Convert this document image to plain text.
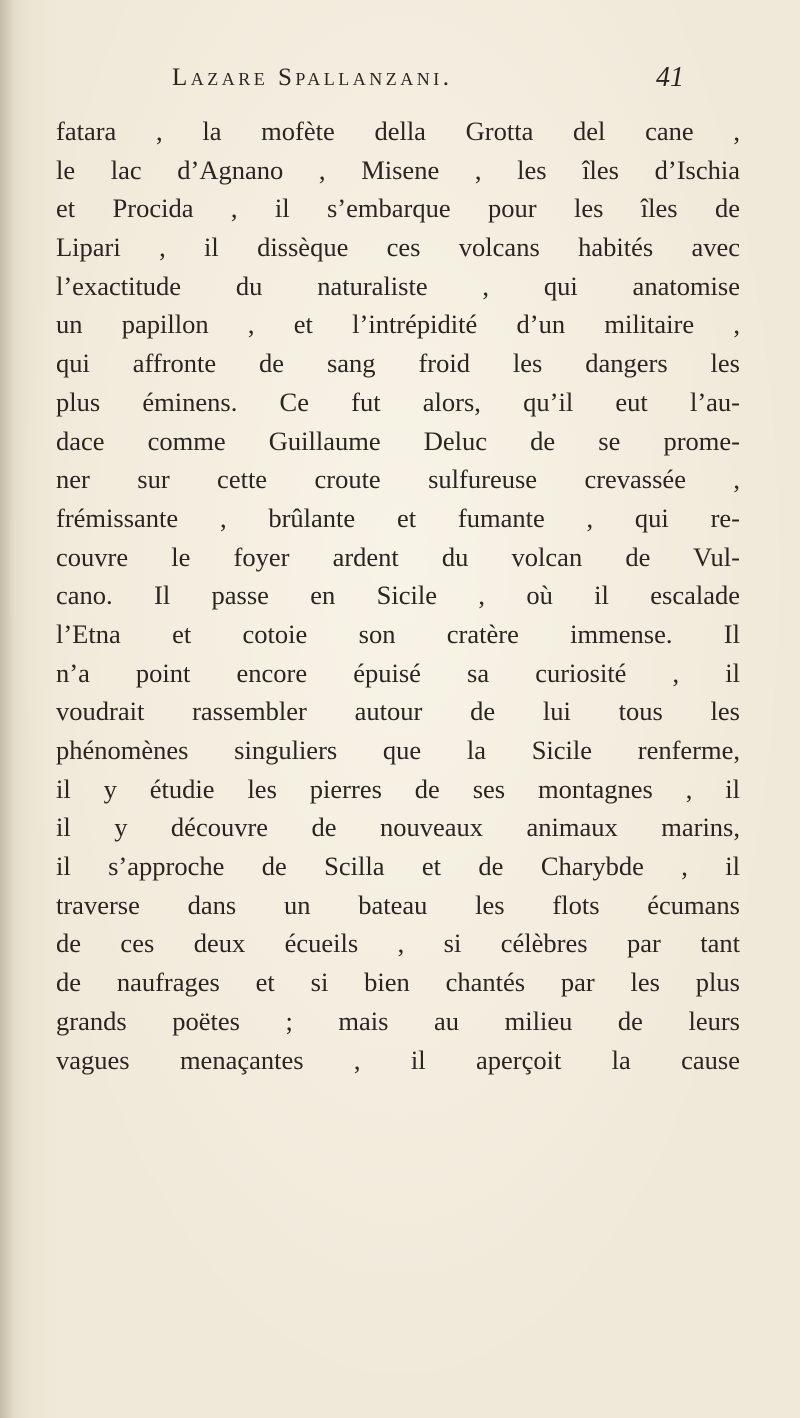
Lazare Spallanzani.	41
fatara , la mofète della Grotta del cane ,
le lac d’Agnano , Misene , les îles d’Ischia
et Procida , il s’embarque pour les îles de
Lipari , il dissèque ces volcans habités avec
l’exactitude du naturaliste , qui anatomise
un papillon , et l’intrépidité d’un militaire ,
qui affronte de sang froid les dangers les
plus éminens. Ce fut alors, qu’il eut l’au-
dace comme Guillaume Deluc de se prome-
ner sur cette croute sulfureuse crevassée ,
frémissante , brûlante et fumante , qui re-
couvre le foyer ardent du volcan de Vul-
cano. Il passe en Sicile , où il escalade
l’Etna et cotoie son cratère immense. Il
n’a point encore épuisé sa curiosité , il
voudrait rassembler autour de lui tous les
phénomènes singuliers que la Sicile renferme,
il y étudie les pierres de ses montagnes , il
il y découvre de nouveaux animaux marins,
il s’approche de Scilla et de Charybde , il
traverse dans un bateau les flots écumans
de ces deux écueils , si célèbres par tant
de naufrages et si bien chantés par les plus
grands poëtes ; mais au milieu de leurs
vagues menaçantes , il aperçoit la cause
